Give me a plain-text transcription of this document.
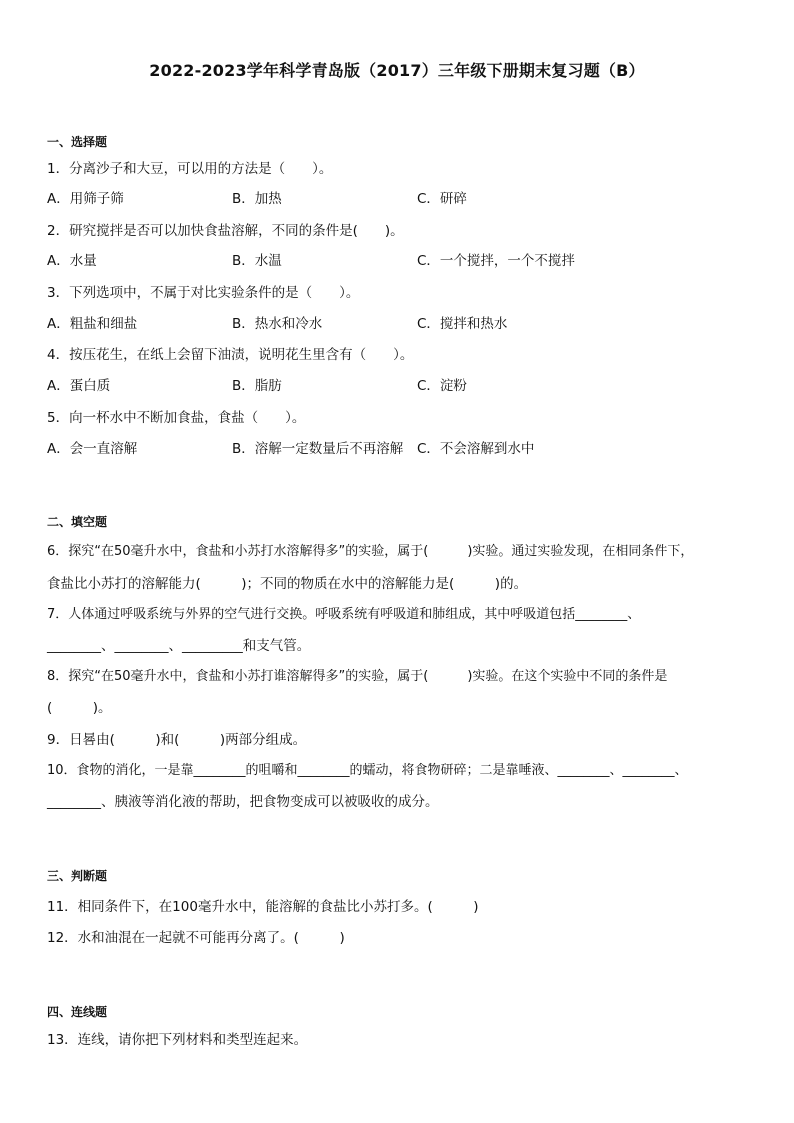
2022-2023学年科学青岛版（2017）三年级下册期末复习题（B）
一、选择题
1．分离沙子和大豆，可以用的方法是（　　）。
A．用筛子筛	B．加热	C．研碎
2．研究搅拌是否可以加快食盐溶解，不同的条件是(　　)。
A．水量	B．水温	C．一个搅拌，一个不搅拌
3．下列选项中，不属于对比实验条件的是（　　）。
A．粗盐和细盐	B．热水和冷水	C．搅拌和热水
4．按压花生，在纸上会留下油渍，说明花生里含有（　　）。
A．蛋白质	B．脂肪	C．淀粉
5．向一杯水中不断加食盐，食盐（　　）。
A．会一直溶解	B．溶解一定数量后不再溶解 C．不会溶解到水中
二、填空题
6．探究“在50毫升水中，食盐和小苏打水溶解得多”的实验，属于(　　　)实验。通过实验发现，在相同条件下，
食盐比小苏打的溶解能力(　　　)；不同的物质在水中的溶解能力是(　　　)的。
7．人体通过呼吸系统与外界的空气进行交换。呼吸系统有呼吸道和肺组成，其中呼吸道包括________、
________、________、_________和支气管。
8．探究“在50毫升水中，食盐和小苏打谁溶解得多”的实验，属于(　　　)实验。在这个实验中不同的条件是
(　　　)。
9．日晷由(　　　)和(　　　)两部分组成。
10．食物的消化，一是靠________的咀嚼和________的蠕动，将食物研碎；二是靠唾液、________、________、
________、胰液等消化液的帮助，把食物变成可以被吸收的成分。
三、判断题
11．相同条件下，在100毫升水中，能溶解的食盐比小苏打多。(　　　)
12．水和油混在一起就不可能再分离了。(　　　)
四、连线题
13．连线，请你把下列材料和类型连起来。
